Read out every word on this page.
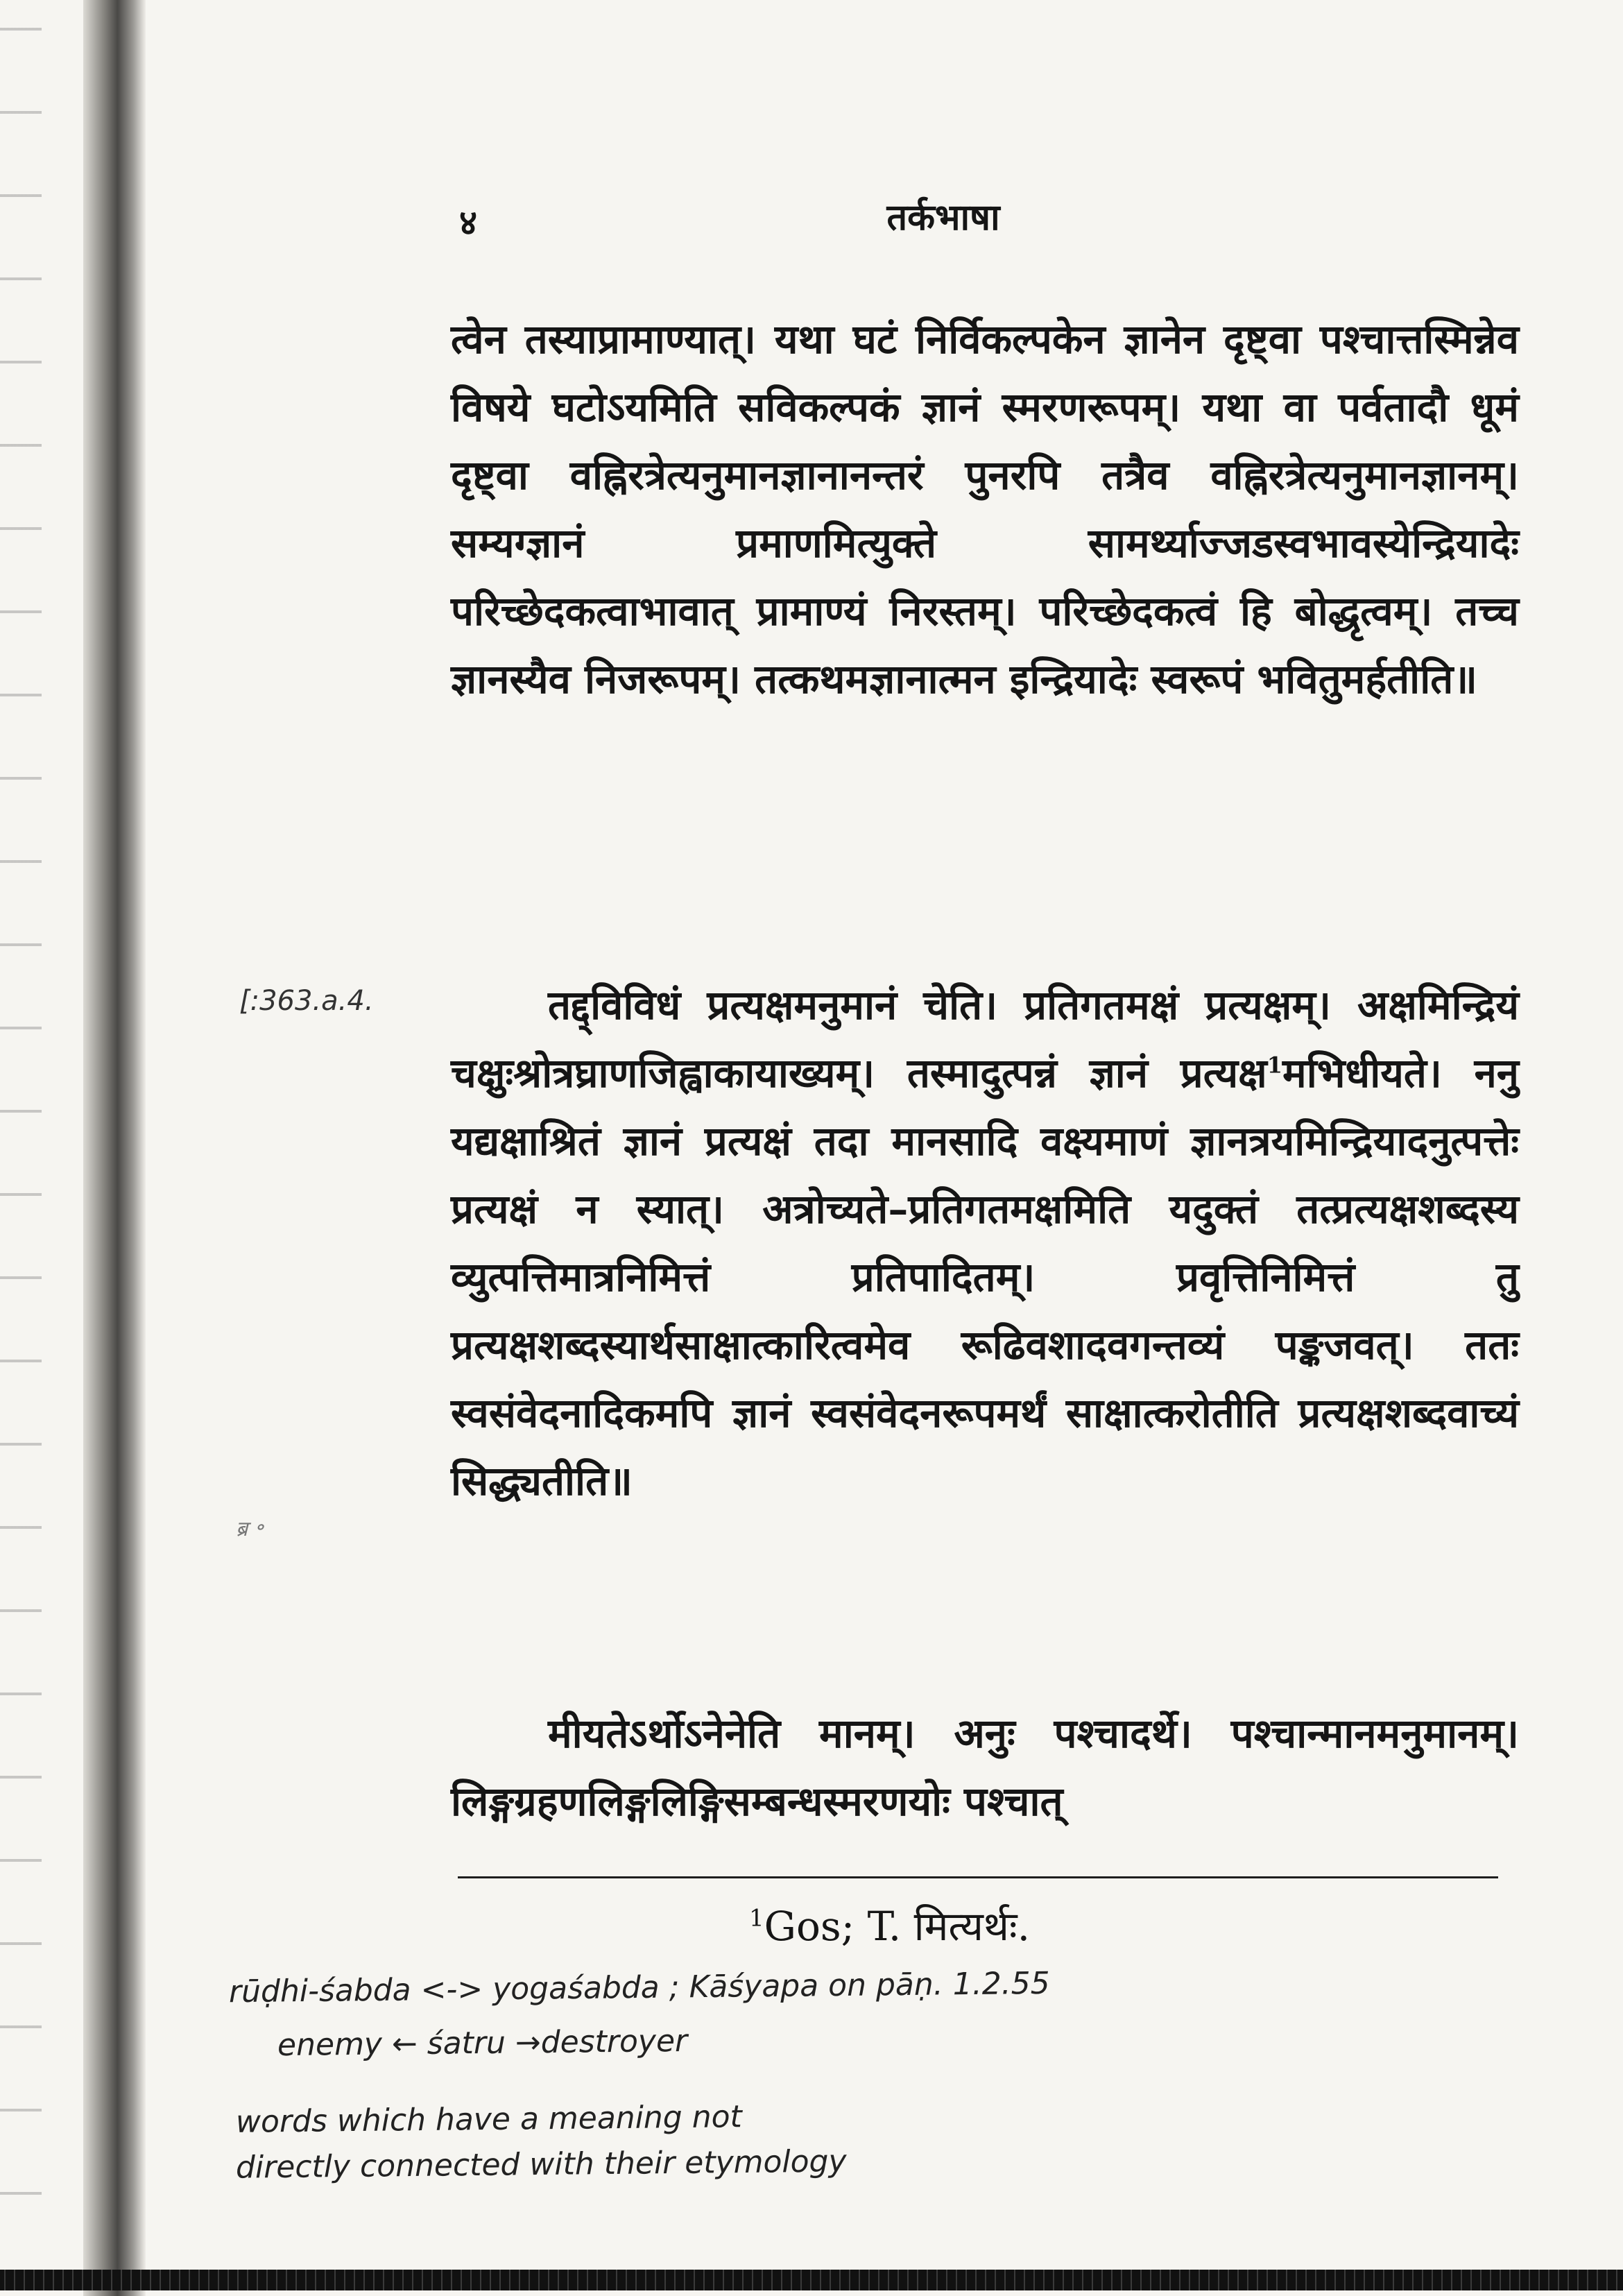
४	तर्कभाषा
त्वेन तस्याप्रामाण्यात्। यथा घटं निर्विकल्पकेन ज्ञानेन दृष्ट्वा पश्चात्तस्मिन्नेव विषये घटोऽयमिति सविकल्पकं ज्ञानं स्मरणरूपम्। यथा वा पर्वतादौ धूमं दृष्ट्वा वह्निरत्रेत्यनुमानज्ञानानन्तरं पुनरपि तत्रैव वह्निरत्रेत्यनुमानज्ञानम्। सम्यग्ज्ञानं प्रमाणमित्युक्ते सामर्थ्याज्जडस्वभावस्येन्द्रियादेः परिच्छेदकत्वाभावात् प्रामाण्यं निरस्तम्। परिच्छेदकत्वं हि बोद्धृत्वम्। तच्च ज्ञानस्यैव निजरूपम्। तत्कथमज्ञानात्मन इन्द्रियादेः स्वरूपं भवितुमर्हतीति॥
तद्द्विविधं प्रत्यक्षमनुमानं चेति। प्रतिगतमक्षं प्रत्यक्षम्। अक्षमिन्द्रियं चक्षुःश्रोत्रघ्राणजिह्वाकायाख्यम्। तस्मादुत्पन्नं ज्ञानं प्रत्यक्ष$^1$मभिधीयते। ननु यद्यक्षाश्रितं ज्ञानं प्रत्यक्षं तदा मानसादि वक्ष्यमाणं ज्ञानत्रयमिन्द्रियादनुत्पत्तेः प्रत्यक्षं न स्यात्। अत्रोच्यते–प्रतिगतमक्षमिति यदुक्तं तत्प्रत्यक्षशब्दस्य व्युत्पत्तिमात्रनिमित्तं प्रतिपादितम्। प्रवृत्तिनिमित्तं तु प्रत्यक्षशब्दस्यार्थसाक्षात्कारित्वमेव रूढिवशादवगन्तव्यं पङ्कजवत्। ततः स्वसंवेदनादिकमपि ज्ञानं स्वसंवेदनरूपमर्थं साक्षात्करोतीति प्रत्यक्षशब्दवाच्यं सिद्ध्यतीति॥
मीयतेऽर्थोऽनेनेति मानम्। अनुः पश्चादर्थे। पश्चान्मानमनुमानम्। लिङ्गग्रहणलिङ्गलिङ्गिसम्बन्धस्मरणयोः पश्चात्
$^1$Gos; T. मित्यर्थः.
[:363.a.4.
ब्र ॰
rūḍhi-śabda <-> yogaśabda ; Kāśyapa on pāṇ. 1.2.55
enemy ← śatru →destroyer
words which have a meaning not
directly connected with their etymology
